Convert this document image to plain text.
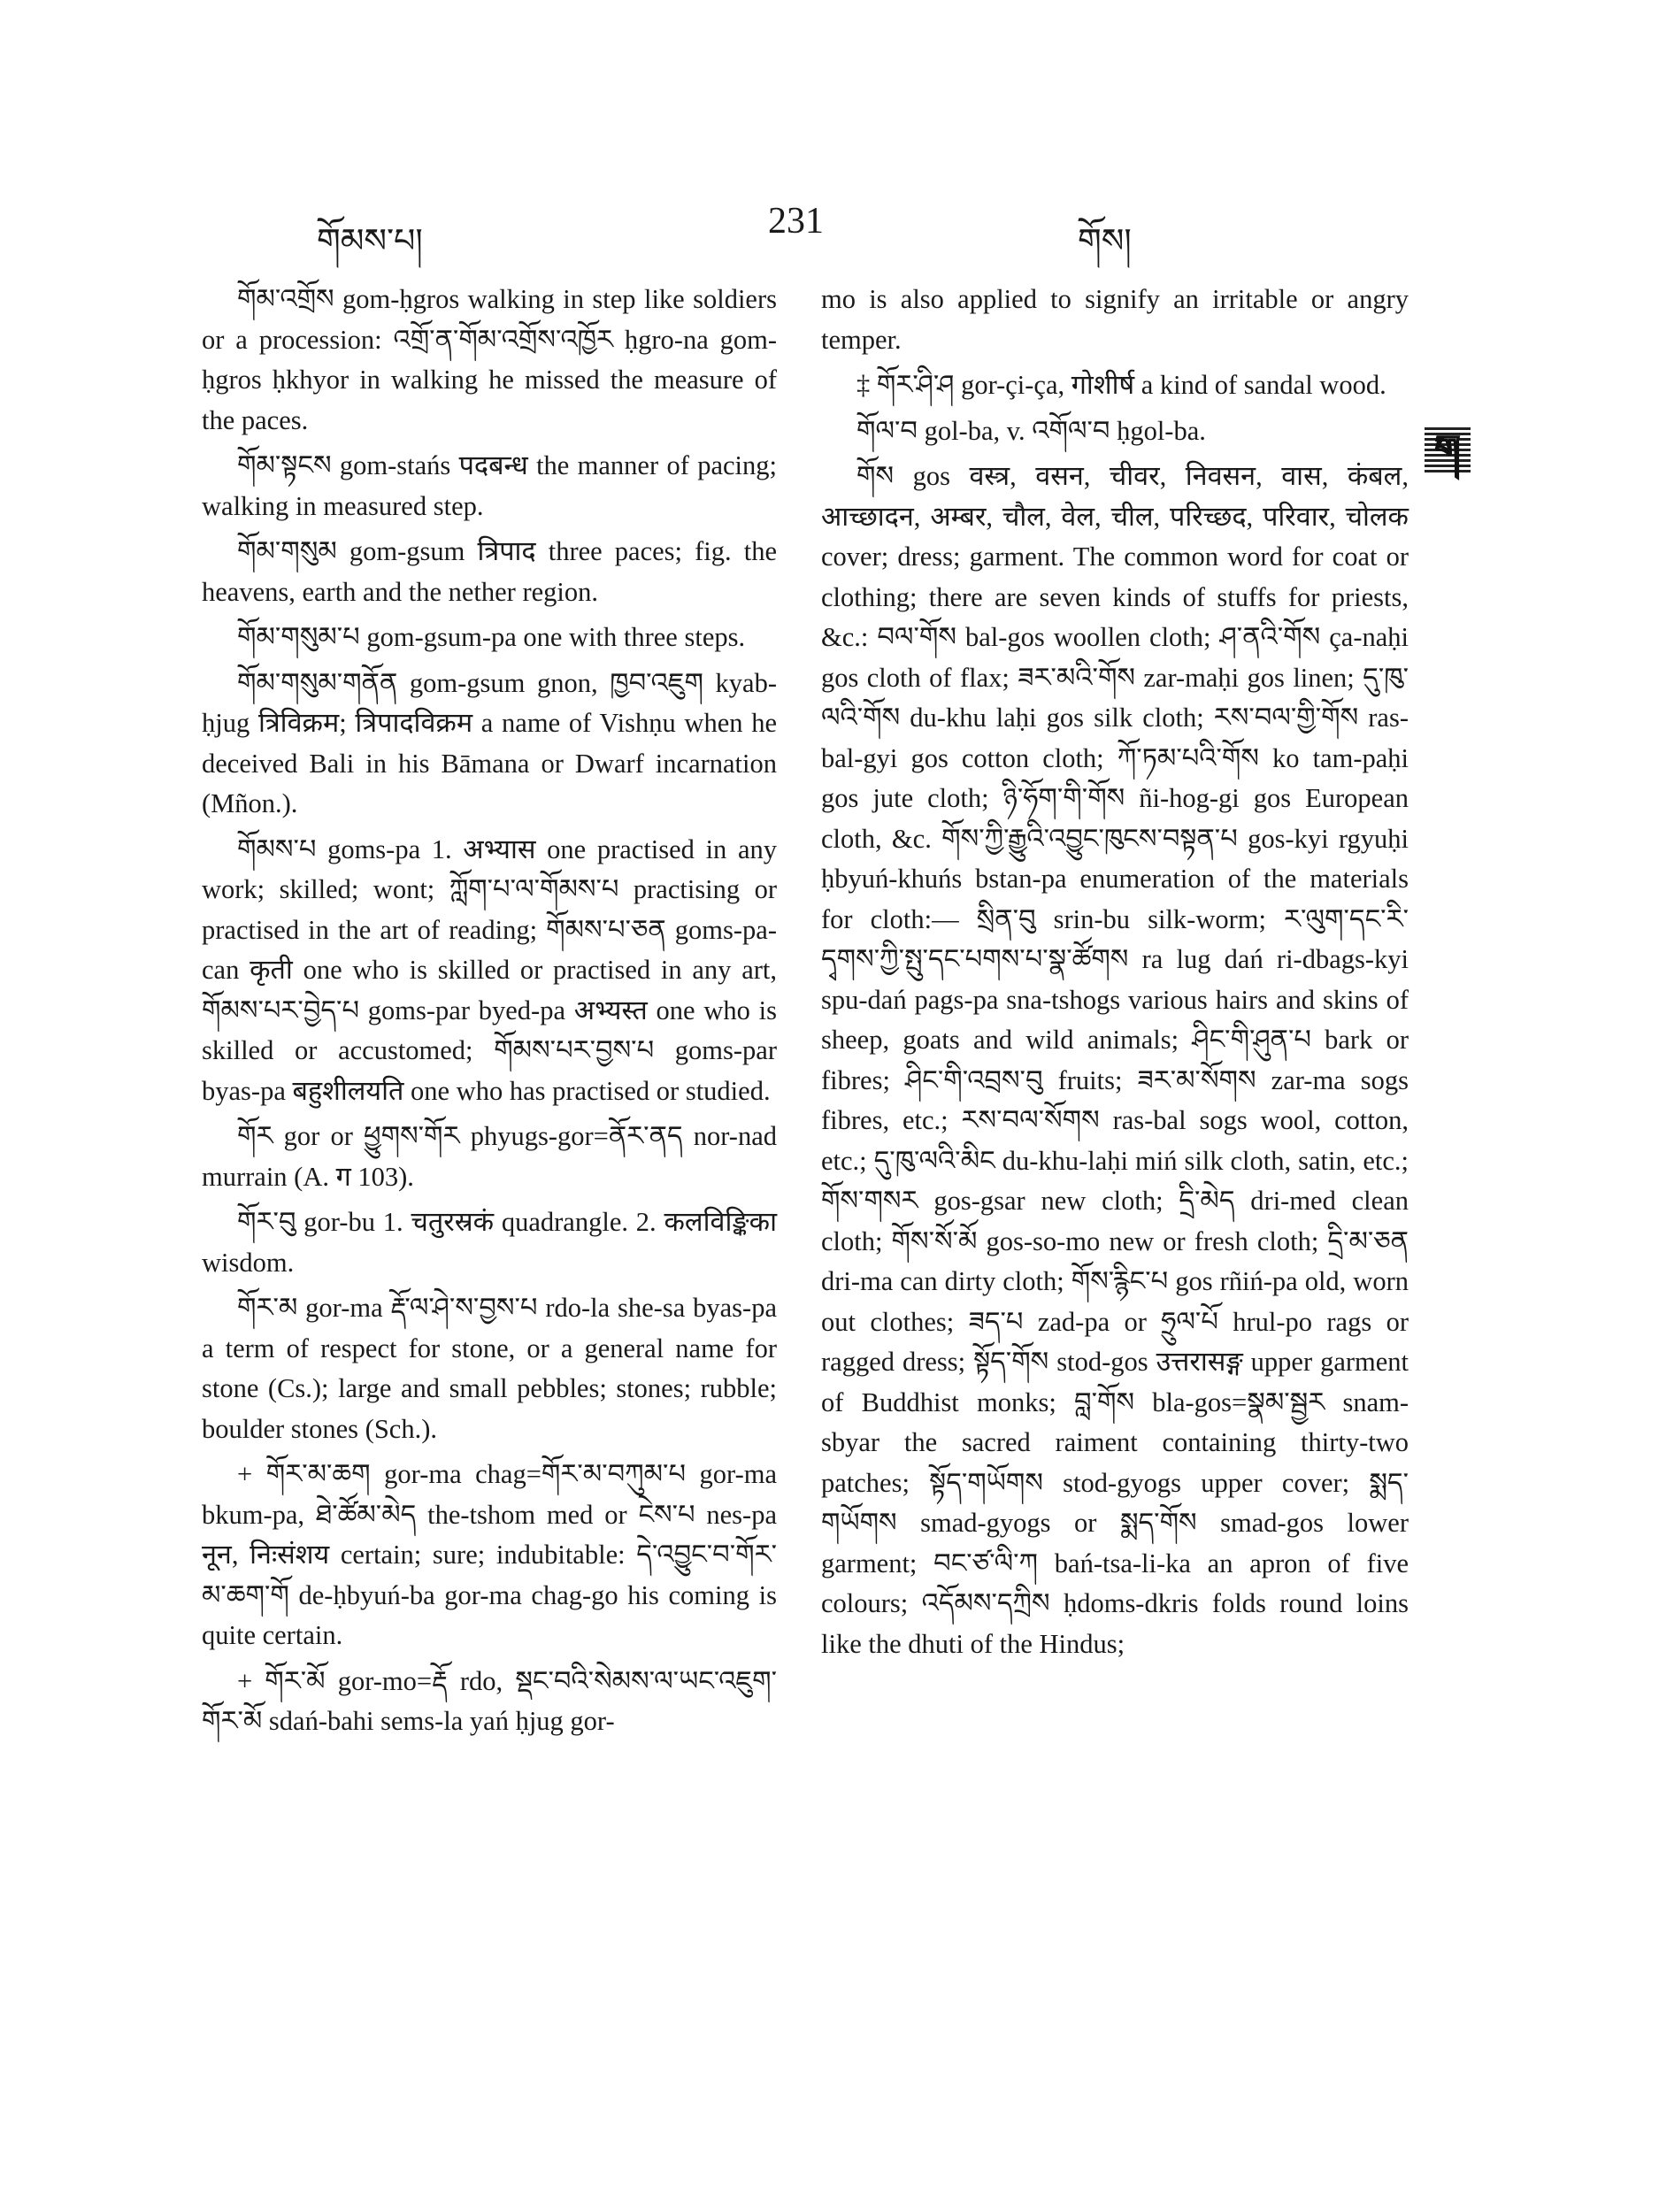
གོམས་པ།	231	གོས།
ག

གོམ་འགྲོས gom-ḥgros walking in step like soldiers or a procession: འགྲོ་ན་གོམ་འགྲོས་འཁྱོར ḥgro-na gom-ḥgros ḥkhyor in walking he missed the measure of the paces.

གོམ་སྟངས gom-stańs पदबन्ध the manner of pacing; walking in measured step.

གོམ་གསུམ gom-gsum त्रिपाद three paces; fig. the heavens, earth and the nether region.

གོམ་གསུམ་པ gom-gsum-pa one with three steps.

གོམ་གསུམ་གནོན gom-gsum gnon, ཁྱབ་འཇུག kyab-ḥjug त्रिविक्रम; त्रिपादविक्रम a name of Vishṇu when he deceived Bali in his Bāmana or Dwarf incarnation (Mñon.).

གོམས་པ goms-pa 1. अभ्यास one practised in any work; skilled; wont; ཀློག་པ་ལ་གོམས་པ practising or practised in the art of reading; གོམས་པ་ཅན goms-pa-can कृती one who is skilled or practised in any art, གོམས་པར་བྱེད་པ goms-par byed-pa अभ्यस्त one who is skilled or accustomed; གོམས་པར་བྱས་པ goms-par byas-pa बहुशीलयति one who has practised or studied.

གོར gor or ཕྱུགས་གོར phyugs-gor=ནོར་ནད nor-nad murrain (A. ग 103).

གོར་བུ gor-bu 1. चतुरस्रकं quadrangle. 2. कलविङ्किका wisdom.

གོར་མ gor-ma རྡོ་ལ་ཤེ་ས་བྱས་པ rdo-la she-sa byas-pa a term of respect for stone, or a general name for stone (Cs.); large and small pebbles; stones; rubble; boulder stones (Sch.).

+ གོར་མ་ཆག gor-ma chag=གོར་མ་བཀུམ་པ gor-ma bkum-pa, ཐེ་ཚོམ་མེད the-tshom med or ངེས་པ nes-pa नून, निःसंशय certain; sure; indubitable: དེ་འབྱུང་བ་གོར་མ་ཆག་གོ de-ḥbyuń-ba gor-ma chag-go his coming is quite certain.

+ གོར་མོ gor-mo=རྡོ rdo, སྡང་བའི་སེམས་ལ་ཡང་འཇུག་གོར་མོ sdań-bahi sems-la yań ḥjug gor-

mo is also applied to signify an irritable or angry temper.

‡ གོར་ཤི་ཤ gor-çi-ça, गोशीर्ष a kind of sandal wood.

གོལ་བ gol-ba, v. འགོལ་བ ḥgol-ba.

གོས gos वस्त्र, वसन, चीवर, निवसन, वास, कंबल, आच्छादन, अम्बर, चौल, वेल, चील, परिच्छद, परिवार, चोलक cover; dress; garment. The common word for coat or clothing; there are seven kinds of stuffs for priests, &c.: བལ་གོས bal-gos woollen cloth; ཤ་ནའི་གོས ça-naḥi gos cloth of flax; ཟར་མའི་གོས zar-maḥi gos linen; དུ་ཁུ་ལའི་གོས du-khu laḥi gos silk cloth; རས་བལ་གྱི་གོས ras-bal-gyi gos cotton cloth; ཀོ་ཏམ་པའི་གོས ko tam-paḥi gos jute cloth; ཉི་ཧོག་གི་གོས ñi-hog-gi gos European cloth, &c. གོས་ཀྱི་རྒྱུའི་འབྱུང་ཁུངས་བསྟན་པ gos-kyi rgyuḥi ḥbyuń-khuńs bstan-pa enumeration of the materials for cloth:— སྲིན་བུ srin-bu silk-worm; ར་ལུག་དང་རི་དྭགས་ཀྱི་སྤུ་དང་པགས་པ་སྣ་ཚོགས ra lug dań ri-dbags-kyi spu-dań pags-pa sna-tshogs various hairs and skins of sheep, goats and wild animals; ཤིང་གི་ཤུན་པ bark or fibres; ཤིང་གི་འབྲས་བུ fruits; ཟར་མ་སོགས zar-ma sogs fibres, etc.; རས་བལ་སོགས ras-bal sogs wool, cotton, etc.; དུ་ཁུ་ལའི་མིང du-khu-laḥi miń silk cloth, satin, etc.; གོས་གསར gos-gsar new cloth; དྲི་མེད dri-med clean cloth; གོས་སོ་མོ gos-so-mo new or fresh cloth; དྲི་མ་ཅན dri-ma can dirty cloth; གོས་རྙིང་པ gos rñiń-pa old, worn out clothes; ཟད་པ zad-pa or ཧྲུལ་པོ hrul-po rags or ragged dress; སྟོད་གོས stod-gos उत्तरासङ्ग upper garment of Buddhist monks; བླ་གོས bla-gos=སྣམ་སྦྱར snam-sbyar the sacred raiment containing thirty-two patches; སྟོད་གཡོགས stod-gyogs upper cover; སྨད་གཡོགས smad-gyogs or སྨད་གོས smad-gos lower garment; བང་ཙ་ལི་ཀ bań-tsa-li-ka an apron of five colours; འདོམས་དཀྲིས ḥdoms-dkris folds round loins like the dhuti of the Hindus;
